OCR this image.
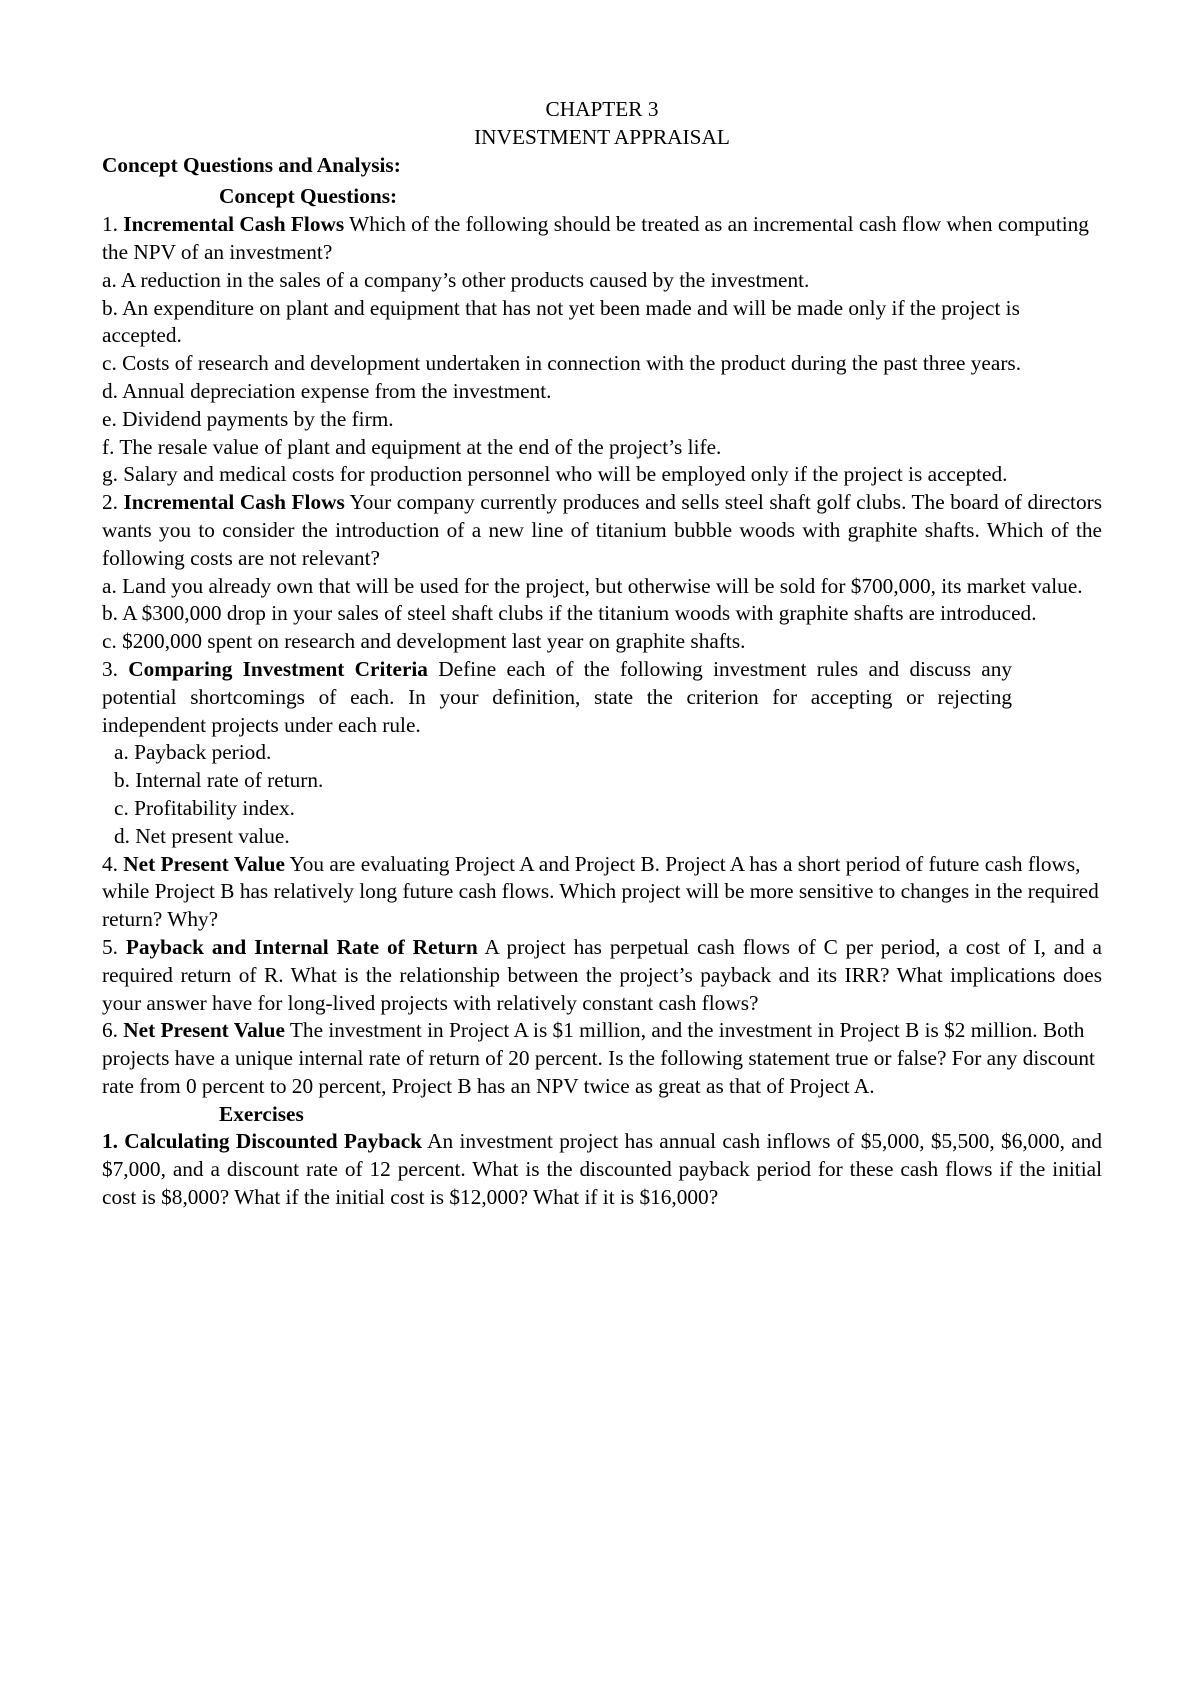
CHAPTER 3

INVESTMENT APPRAISAL

Concept Questions and Analysis:

Concept Questions:

1. Incremental Cash Flows Which of the following should be treated as an incremental cash flow when computing the NPV of an investment?

a. A reduction in the sales of a company’s other products caused by the investment.

b. An expenditure on plant and equipment that has not yet been made and will be made only if the project is accepted.

c. Costs of research and development undertaken in connection with the product during the past three years.

d. Annual depreciation expense from the investment.

e. Dividend payments by the firm.

f. The resale value of plant and equipment at the end of the project’s life.

g. Salary and medical costs for production personnel who will be employed only if the project is accepted.

2. Incremental Cash Flows Your company currently produces and sells steel shaft golf clubs. The board of directors wants you to consider the introduction of a new line of titanium bubble woods with graphite shafts. Which of the following costs are not relevant?

a. Land you already own that will be used for the project, but otherwise will be sold for $700,000, its market value.

b. A $300,000 drop in your sales of steel shaft clubs if the titanium woods with graphite shafts are introduced.

c. $200,000 spent on research and development last year on graphite shafts.

3. Comparing Investment Criteria Define each of the following investment rules and discuss any potential shortcomings of each. In your definition, state the criterion for accepting or rejecting independent projects under each rule.

a. Payback period.

b. Internal rate of return.

c. Profitability index.

d. Net present value.

4. Net Present Value You are evaluating Project A and Project B. Project A has a short period of future cash flows, while Project B has relatively long future cash flows. Which project will be more sensitive to changes in the required return? Why?

5. Payback and Internal Rate of Return A project has perpetual cash flows of C per period, a cost of I, and a required return of R. What is the relationship between the project’s payback and its IRR? What implications does your answer have for long-lived projects with relatively constant cash flows?

6. Net Present Value The investment in Project A is $1 million, and the investment in Project B is $2 million. Both projects have a unique internal rate of return of 20 percent. Is the following statement true or false? For any discount rate from 0 percent to 20 percent, Project B has an NPV twice as great as that of Project A.

Exercises

1. Calculating Discounted Payback An investment project has annual cash inflows of $5,000, $5,500, $6,000, and $7,000, and a discount rate of 12 percent. What is the discounted payback period for these cash flows if the initial cost is $8,000? What if the initial cost is $12,000? What if it is $16,000?
